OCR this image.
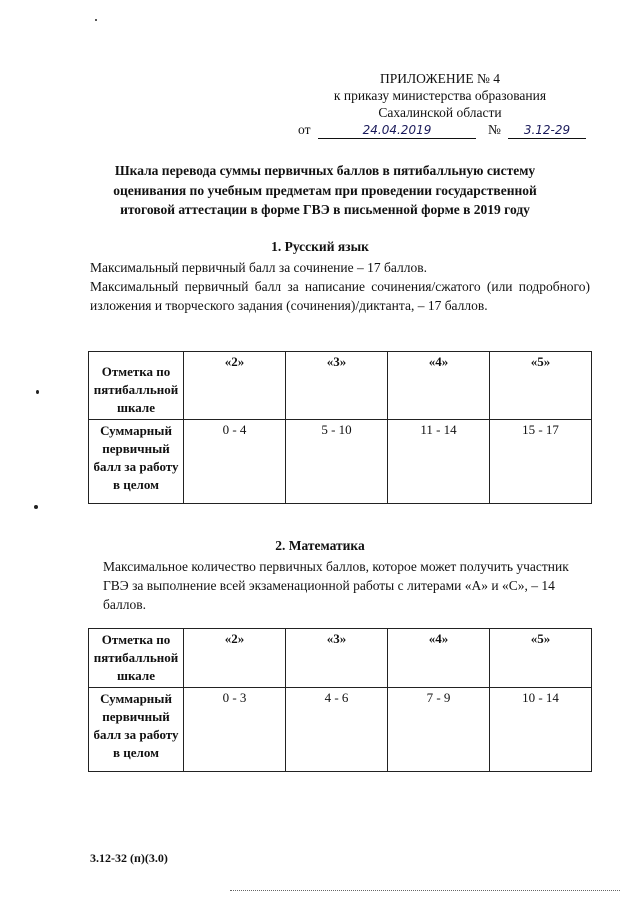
ПРИЛОЖЕНИЕ № 4
к приказу министерства образования
Сахалинской области
от	24.04.2019	№	3.12-29
Шкала перевода суммы первичных баллов в пятибалльную систему оценивания по учебным предметам при проведении государственной итоговой аттестации в форме ГВЭ в письменной форме в 2019 году
1. Русский язык
Максимальный первичный балл за сочинение – 17 баллов.
Максимальный первичный балл за написание сочинения/сжатого (или подробного) изложения и творческого задания (сочинения)/диктанта, – 17 баллов.
Отметка по пятибалльной шкале	«2»	«3»	«4»	«5»
Суммарный первичный балл за работу в целом	0 - 4	5 - 10	11 - 14	15 - 17
2. Математика
Максимальное количество первичных баллов, которое может получить участник ГВЭ за выполнение всей экзаменационной работы с литерами «А» и «С», – 14 баллов.
Отметка по пятибалльной шкале	«2»	«3»	«4»	«5»
Суммарный первичный балл за работу в целом	0 - 3	4 - 6	7 - 9	10 - 14
3.12-32 (п)(3.0)
